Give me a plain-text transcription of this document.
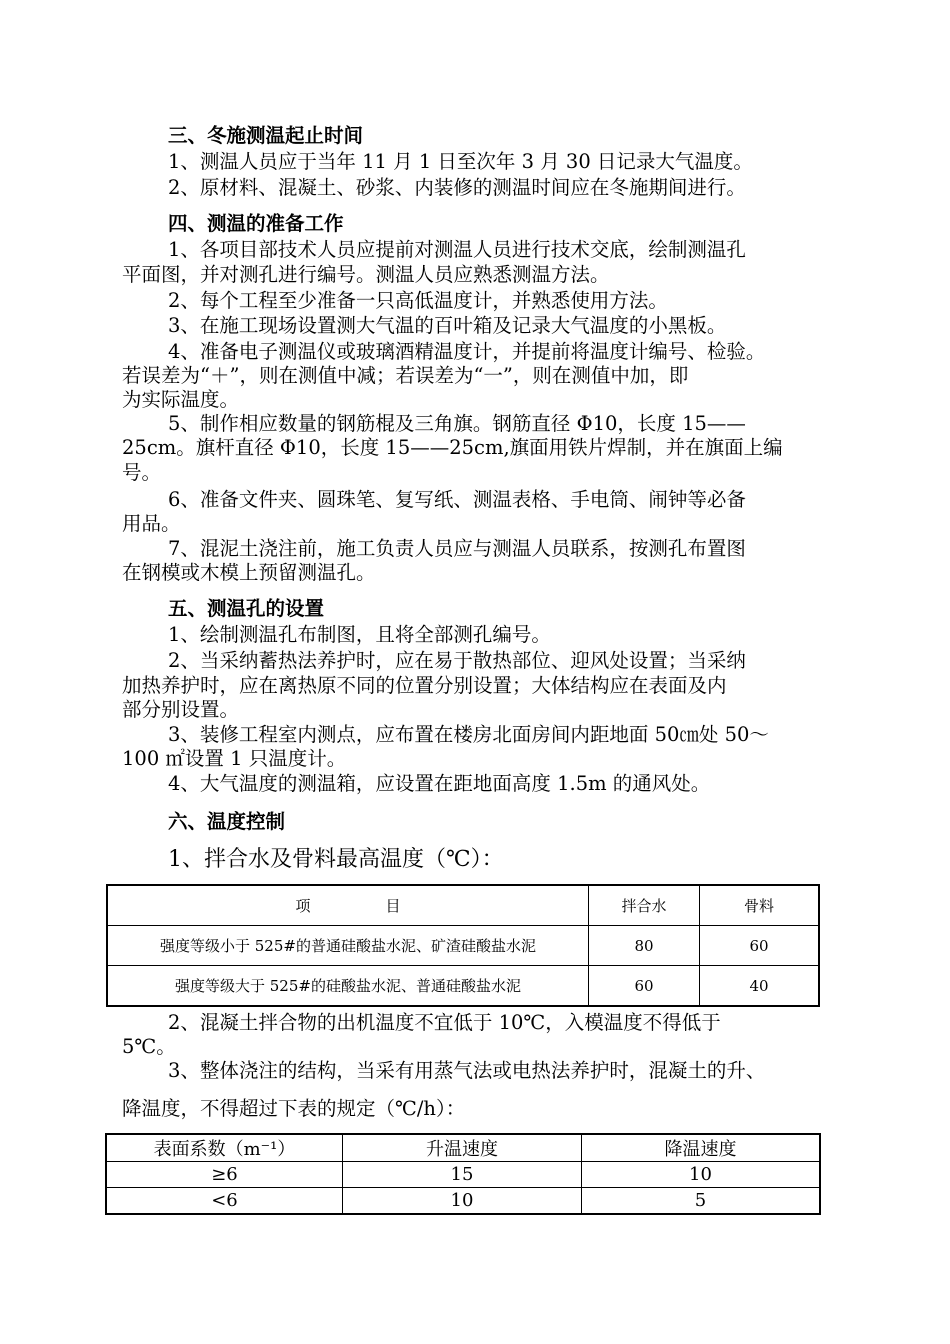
三、冬施测温起止时间
1、测温人员应于当年 11 月 1 日至次年 3 月 30 日记录大气温度。
2、原材料、混凝土、砂浆、内装修的测温时间应在冬施期间进行。
四、测温的准备工作
1、各项目部技术人员应提前对测温人员进行技术交底，绘制测温孔
平面图，并对测孔进行编号。测温人员应熟悉测温方法。
2、每个工程至少准备一只高低温度计，并熟悉使用方法。
3、在施工现场设置测大气温的百叶箱及记录大气温度的小黑板。
4、准备电子测温仪或玻璃酒精温度计，并提前将温度计编号、检验。
若误差为“＋”，则在测值中减；若误差为“一”，则在测值中加，即
为实际温度。
5、制作相应数量的钢筋棍及三角旗。钢筋直径 Φ10，长度 15——
25cm。旗杆直径 Φ10，长度 15——25cm,旗面用铁片焊制，并在旗面上编
号。
6、准备文件夹、圆珠笔、复写纸、测温表格、手电筒、闹钟等必备
用品。
7、混泥土浇注前，施工负责人员应与测温人员联系，按测孔布置图
在钢模或木模上预留测温孔。
五、测温孔的设置
1、绘制测温孔布制图，且将全部测孔编号。
2、当采纳蓄热法养护时，应在易于散热部位、迎风处设置；当采纳
加热养护时，应在离热原不同的位置分别设置；大体结构应在表面及内
部分别设置。
3、装修工程室内测点，应布置在楼房北面房间内距地面 50㎝处 50～
100 ㎡设置 1 只温度计。
4、大气温度的测温箱，应设置在距地面高度 1.5m 的通风处。
六、温度控制
1、拌合水及骨料最高温度（℃）：
项　　　　　目	拌合水	骨料
强度等级小于 525#的普通硅酸盐水泥、矿渣硅酸盐水泥	80	60
强度等级大于 525#的硅酸盐水泥、普通硅酸盐水泥	60	40
2、混凝土拌合物的出机温度不宜低于 10℃，入模温度不得低于
5℃。
3、整体浇注的结构，当采有用蒸气法或电热法养护时，混凝土的升、
降温度，不得超过下表的规定（℃/h）：
表面系数（m⁻¹）	升温速度	降温速度
≥6	15	10
<6	10	5
